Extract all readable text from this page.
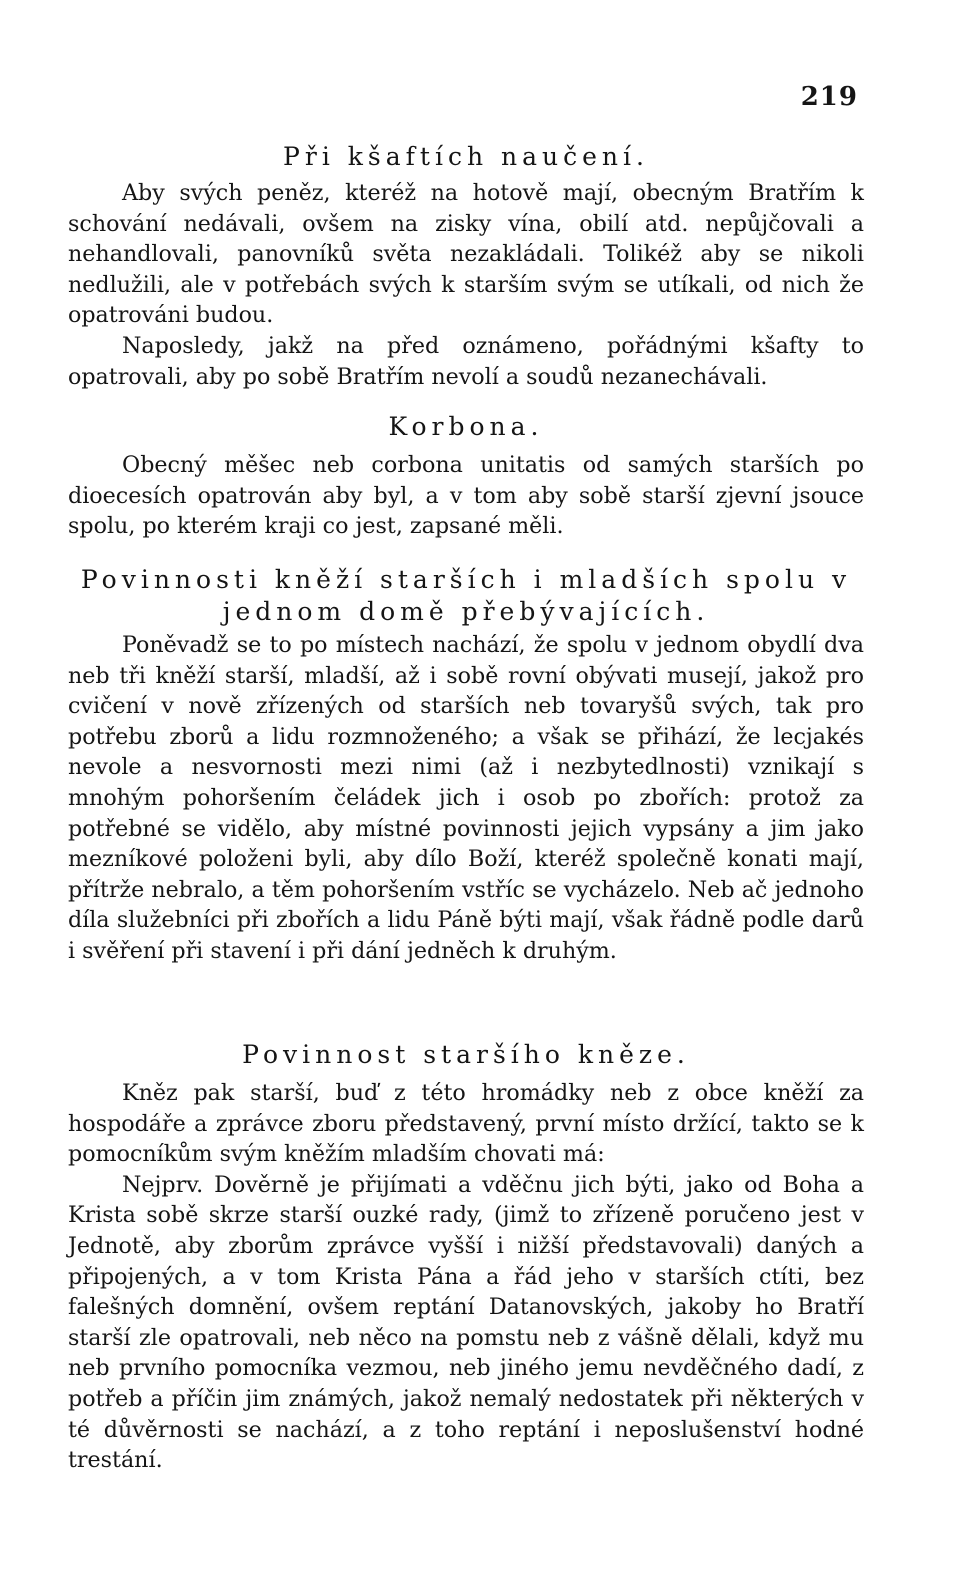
219
Při kšaftích naučení.

Aby svých peněz, kteréž na hotově mají, obecným Bratřím k schování nedávali, ovšem na zisky vína, obilí atd. nepůjčovali a nehandlovali, panovníků světa nezakládali. Tolikéž aby se nikoli nedlužili, ale v potřebách svých k starším svým se utíkali, od nich že opatrováni budou.

Naposledy, jakž na před oznámeno, pořádnými kšafty to opatrovali, aby po sobě Bratřím nevolí a soudů nezanechávali.

Korbona.

Obecný měšec neb corbona unitatis od samých starších po dioecesích opatrován aby byl, a v tom aby sobě starší zjevní jsouce spolu, po kterém kraji co jest, zapsané měli.

Povinnosti kněží starších i mladších spolu v jednom domě přebývajících.

Poněvadž se to po místech nachází, že spolu v jednom obydlí dva neb tři kněží starší, mladší, až i sobě rovní obývati musejí, jakož pro cvičení v nově zřízených od starších neb tovaryšů svých, tak pro potřebu zborů a lidu rozmnoženého; a však se přihází, že lecjakés nevole a nesvornosti mezi nimi (až i nezbytedlnosti) vznikají s mnohým pohoršením čeládek jich i osob po zbořích: protož za potřebné se vidělo, aby místné povinnosti jejich vypsány a jim jako mezníkové položeni byli, aby dílo Boží, kteréž společně konati mají, přítrže nebralo, a těm pohoršením vstříc se vycházelo. Neb ač jednoho díla služebníci při zbořích a lidu Páně býti mají, však řádně podle darů i svěření při stavení i při dání jedněch k druhým.

Povinnost staršího kněze.

Kněz pak starší, buď z této hromádky neb z obce kněží za hospodáře a zprávce zboru představený, první místo držící, takto se k pomocníkům svým kněžím mladším chovati má:

Nejprv. Dověrně je přijímati a vděčnu jich býti, jako od Boha a Krista sobě skrze starší ouzké rady, (jimž to zřízeně poručeno jest v Jednotě, aby zborům zprávce vyšší i nižší představovali) daných a připojených, a v tom Krista Pána a řád jeho v starších ctíti, bez falešných domnění, ovšem reptání Datanovských, jakoby ho Bratří starší zle opatrovali, neb něco na pomstu neb z vášně dělali, když mu neb prvního pomocníka vezmou, neb jiného jemu nevděčného dadí, z potřeb a příčin jim známých, jakož nemalý nedostatek při některých v té důvěrnosti se nachází, a z toho reptání i neposlušenství hodné trestání.
